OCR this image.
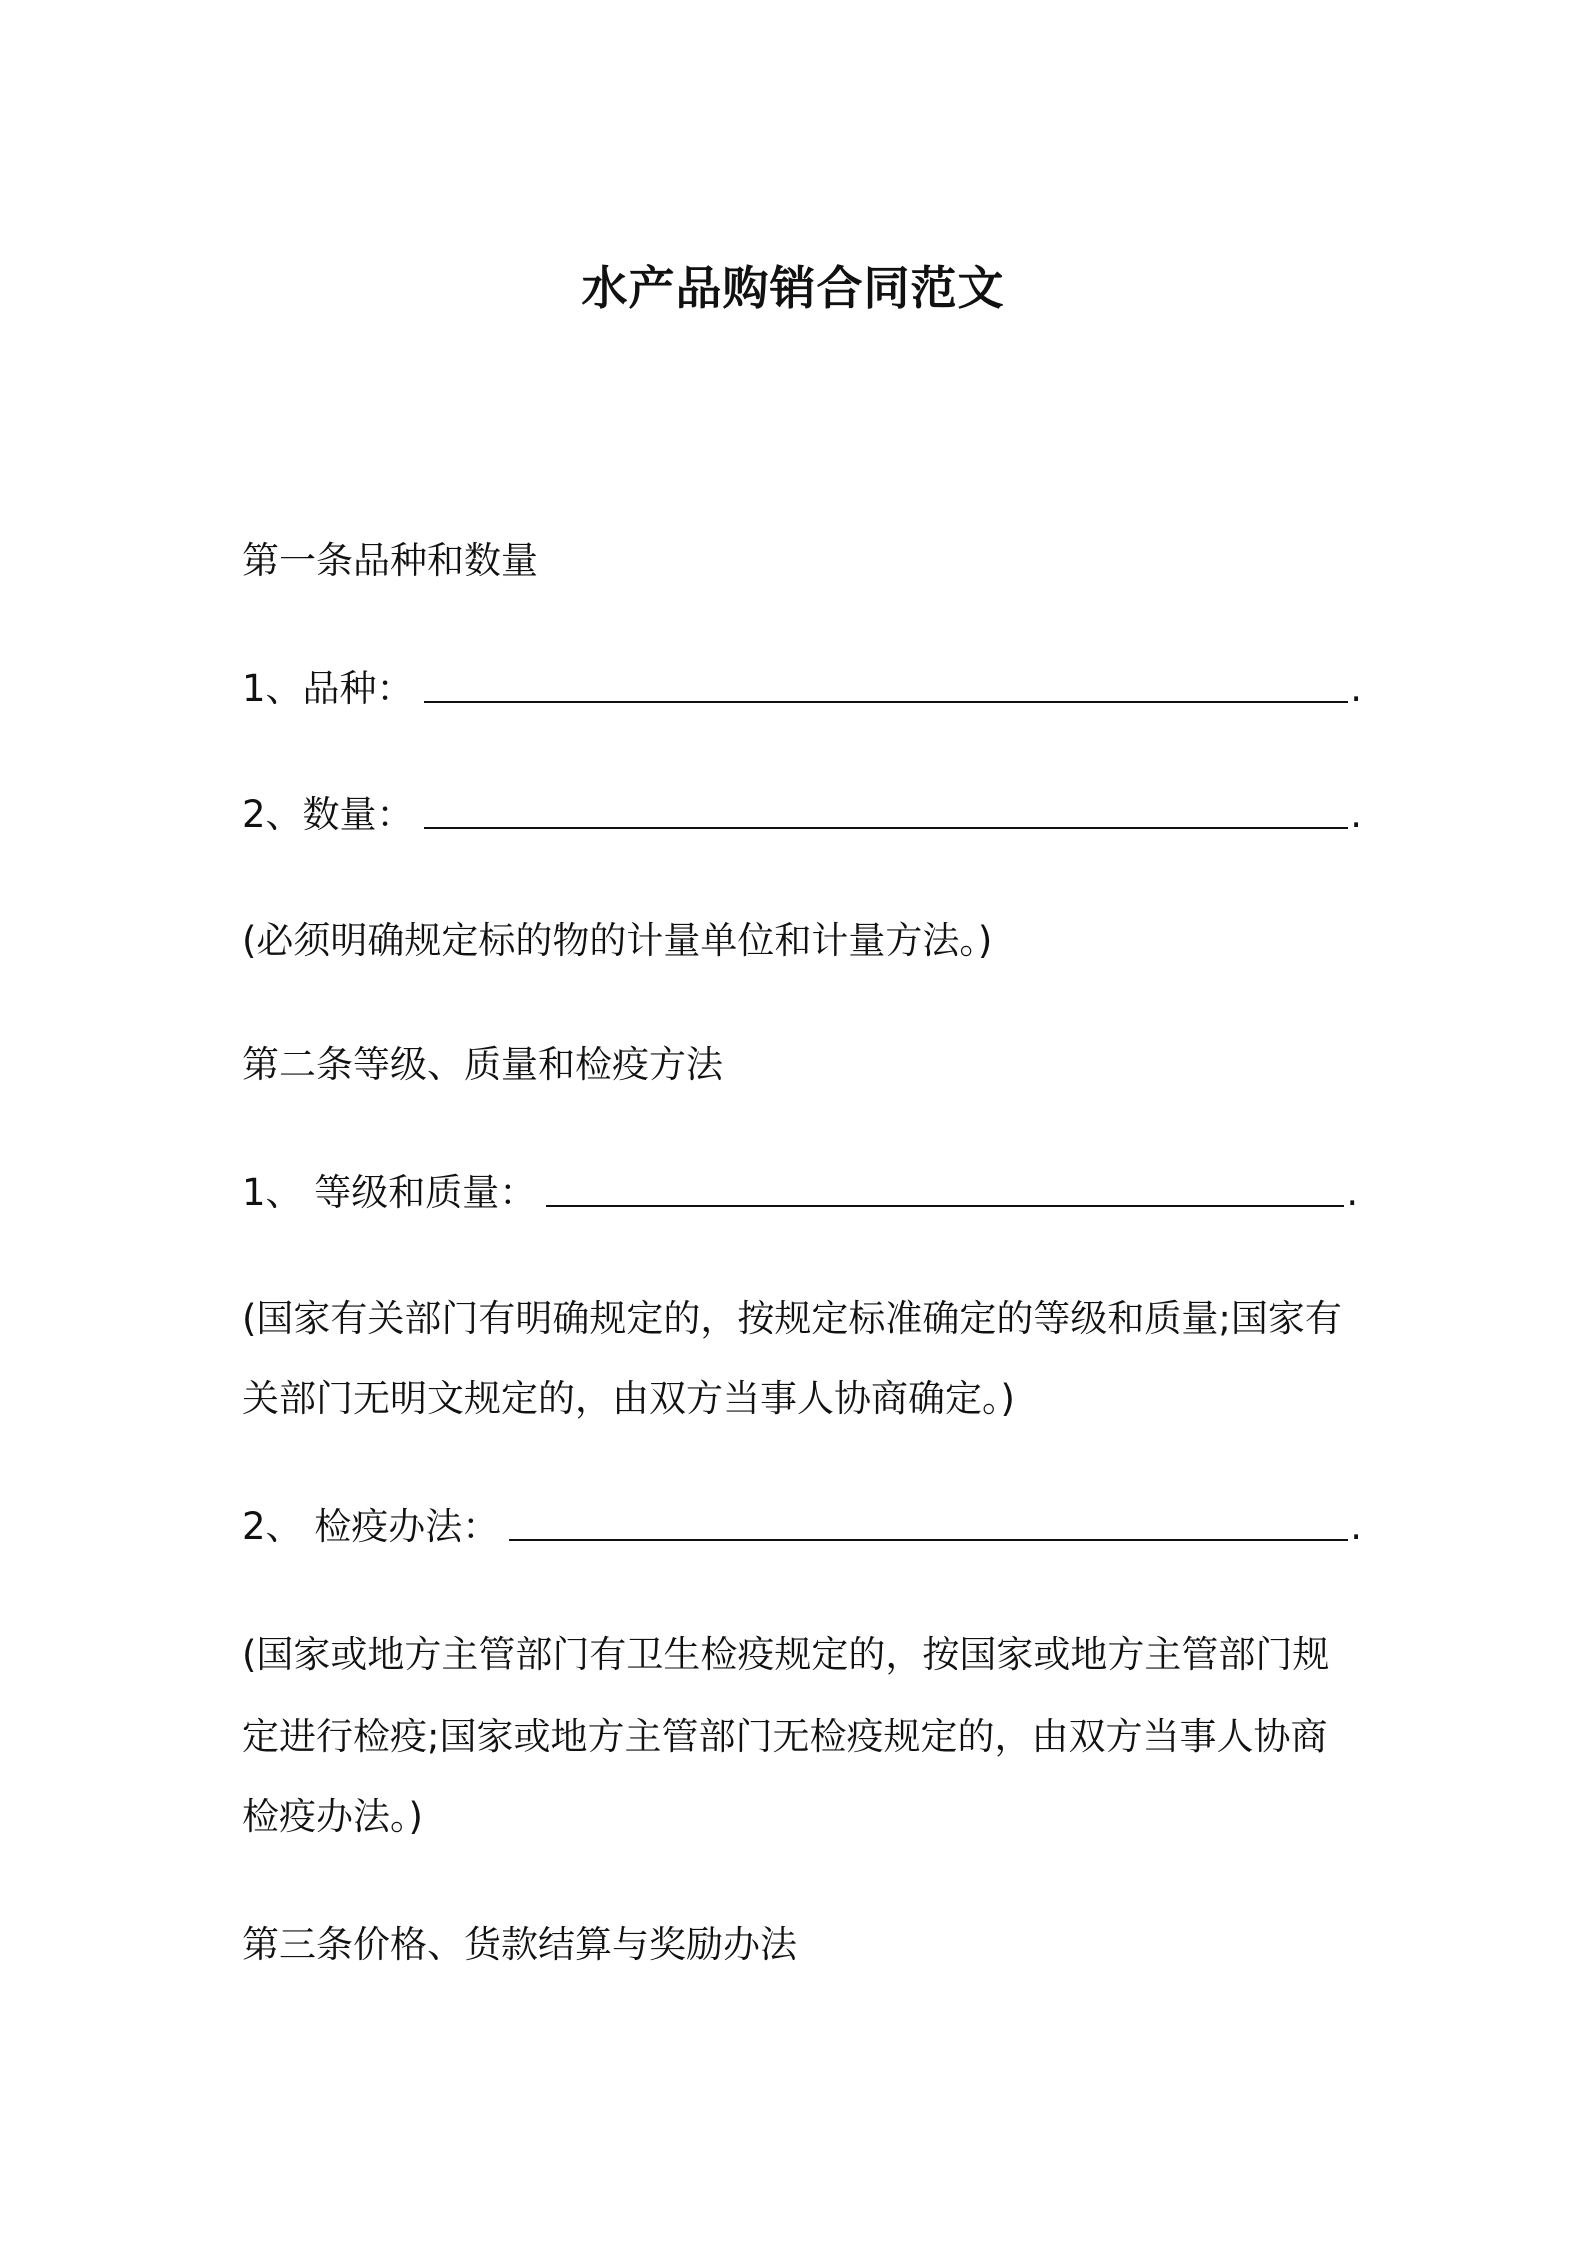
水产品购销合同范文
第一条品种和数量
1、品种：	.
2、数量：	.
(必须明确规定标的物的计量单位和计量方法。)
第二条等级、质量和检疫方法
1、 等级和质量：	.
(国家有关部门有明确规定的，按规定标准确定的等级和质量;国家有
关部门无明文规定的，由双方当事人协商确定。)
2、 检疫办法：	.
(国家或地方主管部门有卫生检疫规定的，按国家或地方主管部门规
定进行检疫;国家或地方主管部门无检疫规定的，由双方当事人协商
检疫办法。)
第三条价格、货款结算与奖励办法
